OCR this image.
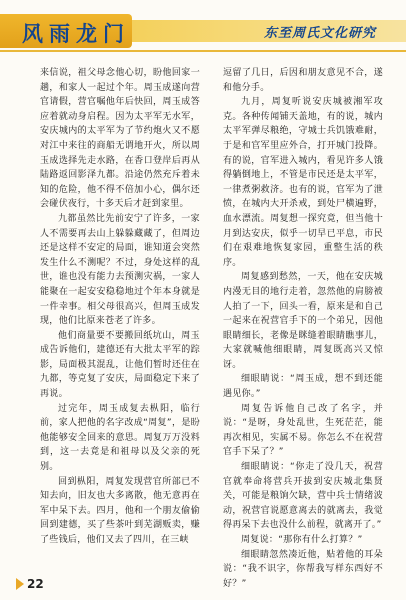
风雨龙门	东至周氏文化研究

来信说，祖父母念他心切，盼他回家一趟，和家人一起过个年。周玉成遂向营官请假，营官嘱他年后快回，周玉成答应着就动身启程。因为太平军无水军，安庆城内的太平军为了节约炮火又不愿对江中来往的商船无谓地开火，所以周玉成选择先走水路，在香口登岸后再从陆路返回影泽九都。沿途仍然充斥着未知的危险，他不得不倍加小心，偶尔还会碰伏夜行，十多天后才赶到家里。

九都虽然比先前安宁了许多，一家人不需要再去山上躲躲藏藏了，但周边还是这样不安定的局面，谁知道会突然发生什么不测呢？不过，身处这样的乱世，谁也没有能力去预测灾祸，一家人能聚在一起安安稳稳地过个年本身就是一件幸事。相父母很高兴，但周玉成发现，他们比原来苍老了许多。

他们商量要不要搬回纸坑山，周玉成告诉他们，建德还有大批太平军的踪影，局面极其混乱，让他们暂时还住在九都，等克复了安庆，局面稳定下来了再说。

过完年，周玉成复去枞阳，临行前，家人把他的名字改成“周复”，是盼他能够安全回来的意思。周复万万没料到，这一去竟是和祖母以及父亲的死别。

回到枞阳，周复发现营官所部已不知去向，旧友也大多离散，他无意再在军中呆下去。四月，他和一个朋友偷偷回到建德，买了些茶叶到芜湖贩卖，赚了些钱后，他们又去了四川，在三峡

逗留了几日，后因和朋友意见不合，遂和他分手。

九月，周复听说安庆城被湘军攻克。各种传闻铺天盖地，有的说，城内太平军弹尽粮绝，守城士兵饥饿难耐，于是和官军里应外合，打开城门投降。有的说，官军进入城内，看见许多人饿得躺倒地上，不管是市民还是太平军，一律煮粥救济。也有的说，官军为了泄愤，在城内大开杀戒，到处尸横遍野，血水漂流。周复想一探究竟，但当他十月到达安庆，似乎一切早已平息，市民们在艰难地恢复家园，重整生活的秩序。

周复感到愁然，一天，他在安庆城内漫无目的地行走着，忽然他的肩膀被人拍了一下，回头一看，原来是和自己一起来在祝营官手下的一个弟兄，因他眼睛细长，老像是眯缝着眼睛瞧事儿，大家就喊他细眼睛，周复既高兴又惊讶。

细眼睛说：“周玉成，想不到还能遇见你。”

周复告诉他自己改了名字，并说：“是呀，身处乱世，生死茫茫，能再次相见，实属不易。你怎么不在祝营官手下呆了？”

细眼睛说：“你走了没几天，祝营官就奉命将营兵开拔到安庆城北集贤关，可能是粮饷欠缺，营中兵士情绪波动，祝营官说愿意离去的就离去，我觉得再呆下去也没什么前程，就离开了。”

周复说：“那你有什么打算？”

细眼睛忽然凑近他，贴着他的耳朵说：“我不识字，你帮我写样东西好不好？”

22
